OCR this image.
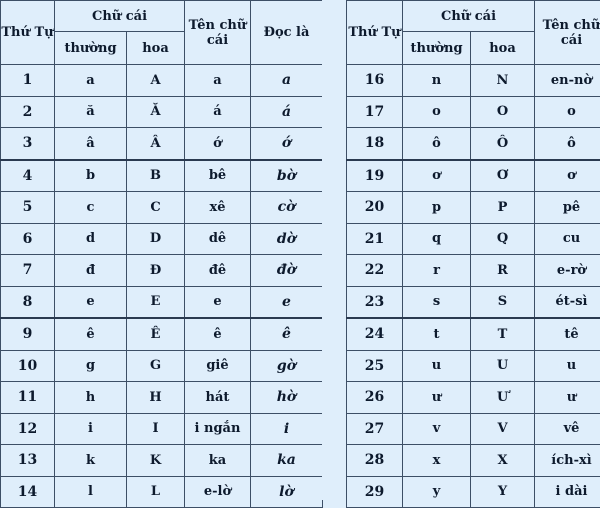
Thứ Tự	Chữ cái		Tên chữ cái	Đọc là
	thường	hoa		
1	a	A	a	a
2	ă	Ă	á	á
3	â	Â	ớ	ớ
4	b	B	bê	bờ
5	c	C	xê	cờ
6	d	D	dê	dờ
7	đ	Đ	đê	đờ
8	e	E	e	e
9	ê	Ê	ê	ê
10	g	G	giê	gờ
11	h	H	hát	hờ
12	i	I	i ngắn	i
13	k	K	ka	ka
14	l	L	e-lờ	lờ
Thứ Tự	Chữ cái		Tên chữ cái
	thường	hoa	
16	n	N	en-nờ
17	o	O	o
18	ô	Ô	ô
19	ơ	Ơ	ơ
20	p	P	pê
21	q	Q	cu
22	r	R	e-rờ
23	s	S	ét-sì
24	t	T	tê
25	u	U	u
26	ư	Ư	ư
27	v	V	vê
28	x	X	ích-xì
29	y	Y	i dài
